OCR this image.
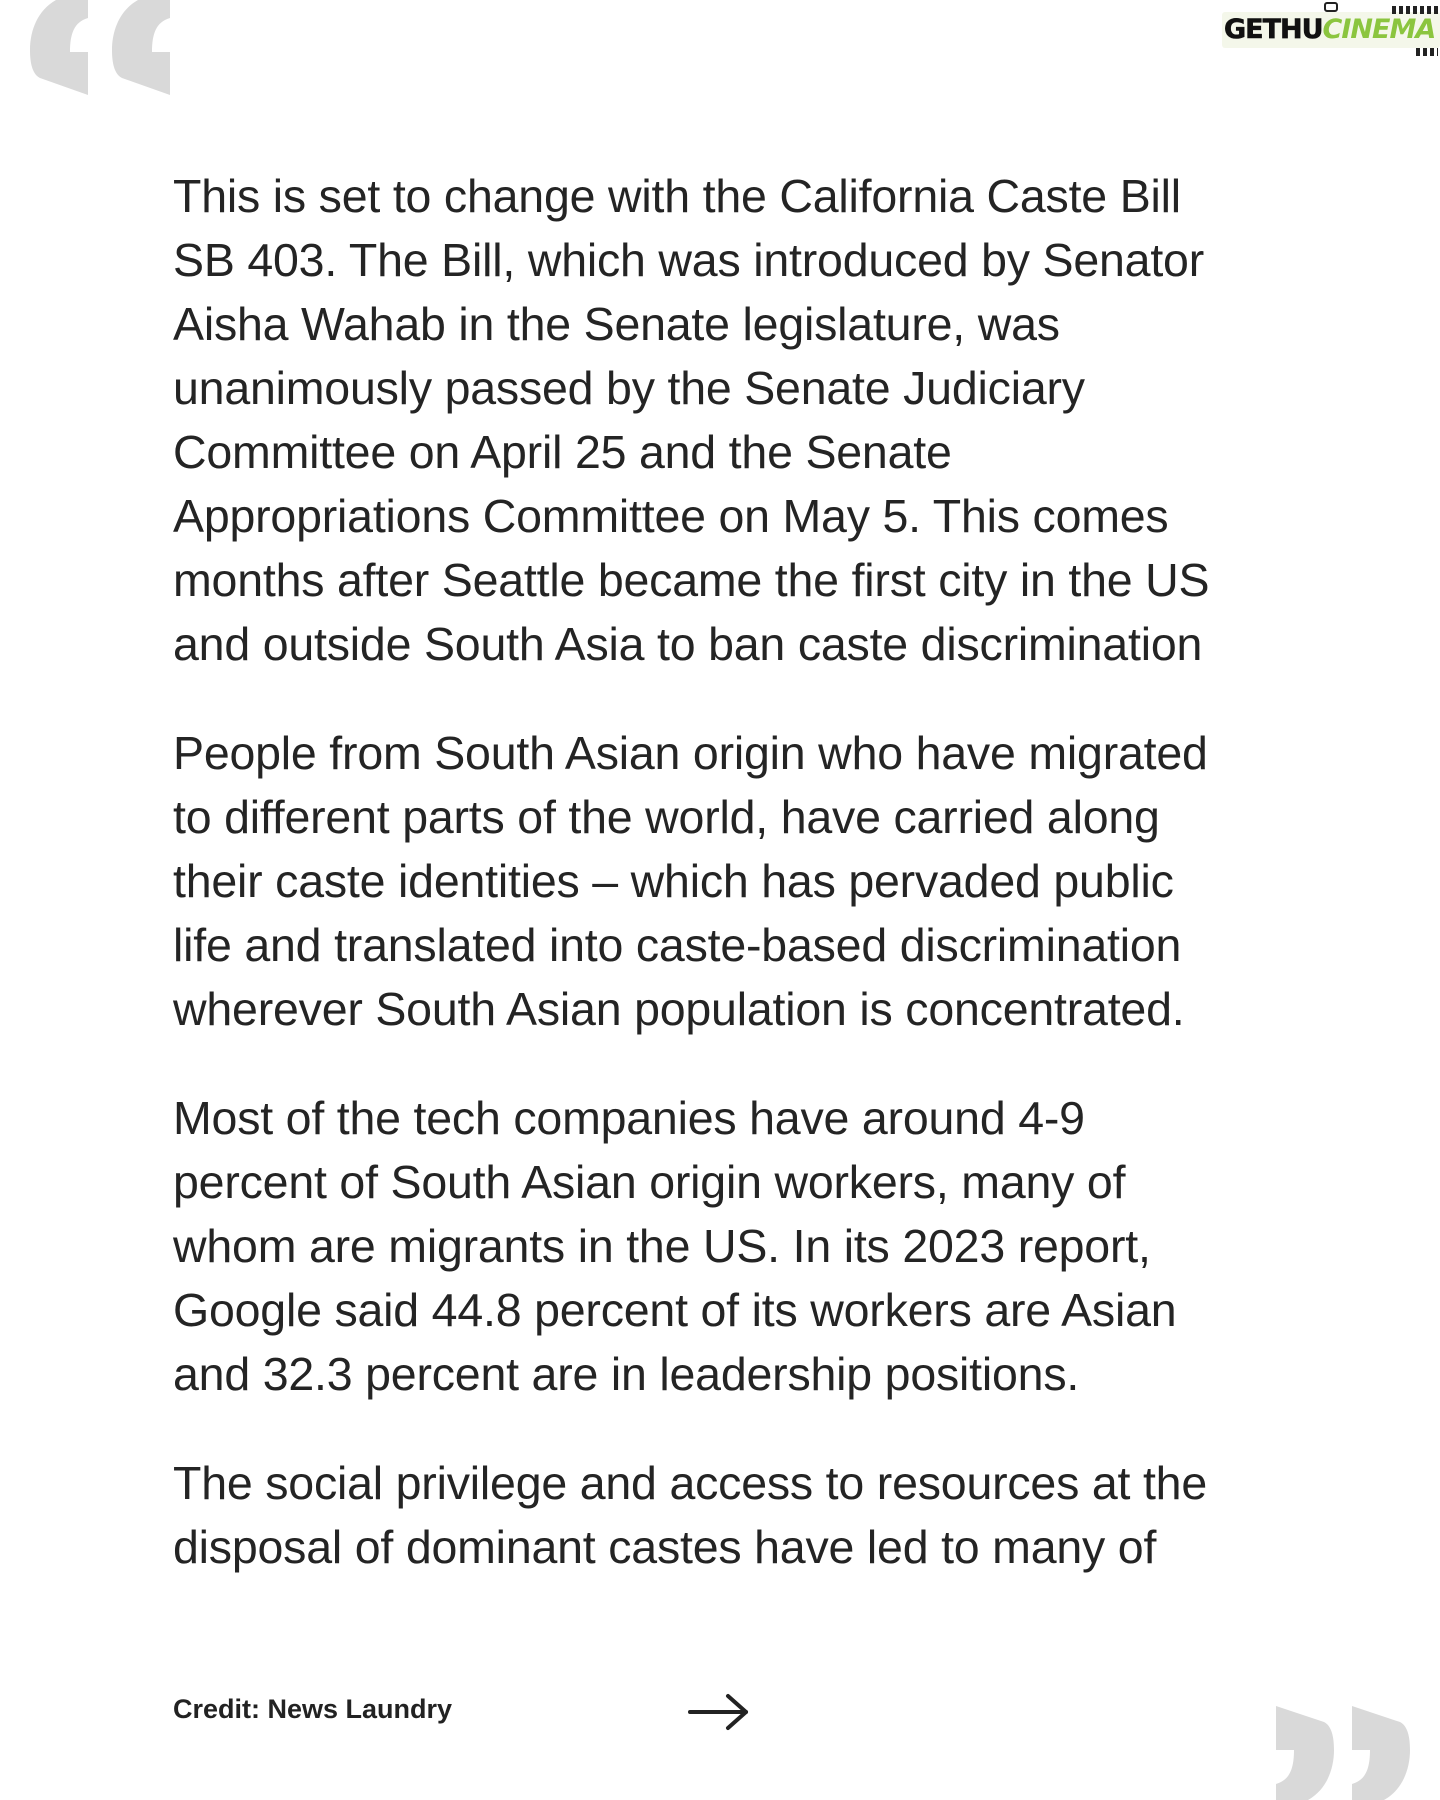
GETHUCINEMA

This is set to change with the California Caste Bill
SB 403. The Bill, which was introduced by Senator
Aisha Wahab in the Senate legislature, was
unanimously passed by the Senate Judiciary
Committee on April 25 and the Senate
Appropriations Committee on May 5. This comes
months after Seattle became the first city in the US
and outside South Asia to ban caste discrimination

People from South Asian origin who have migrated
to different parts of the world, have carried along
their caste identities – which has pervaded public
life and translated into caste-based discrimination
wherever South Asian population is concentrated.

Most of the tech companies have around 4-9
percent of South Asian origin workers, many of
whom are migrants in the US. In its 2023 report,
Google said 44.8 percent of its workers are Asian
and 32.3 percent are in leadership positions.

The social privilege and access to resources at the
disposal of dominant castes have led to many of

Credit: News Laundry
